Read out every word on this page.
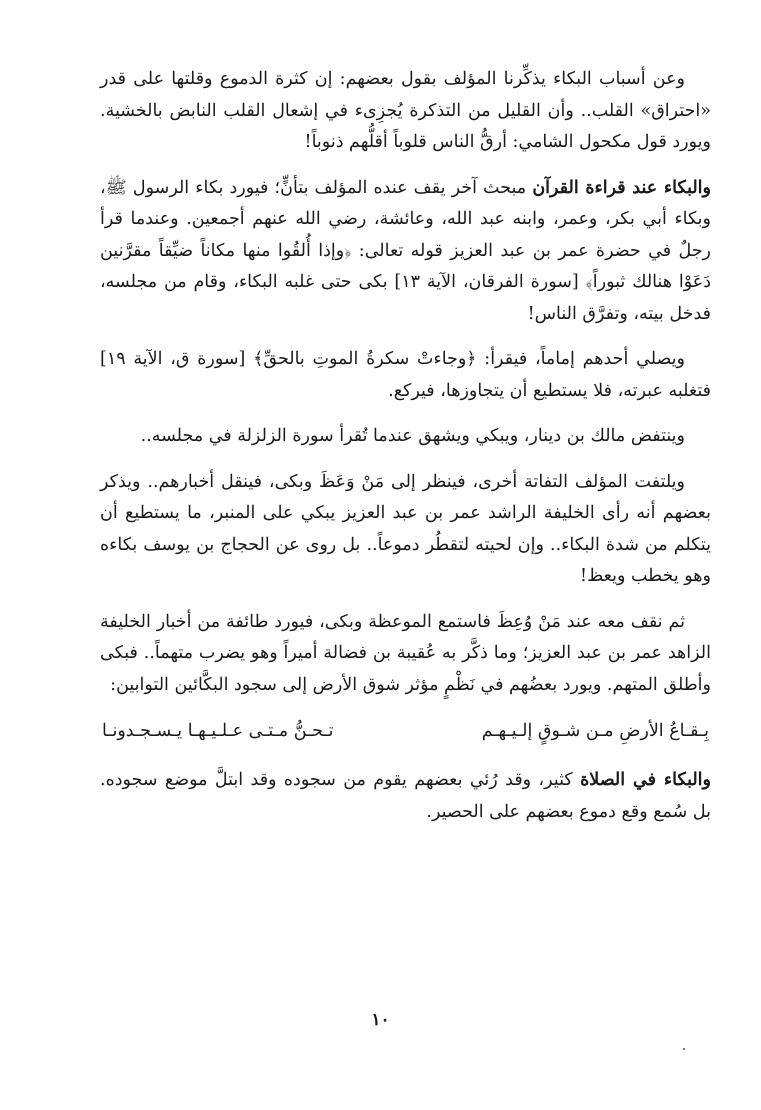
وعن أسباب البكاء يذكِّرنا المؤلف بقول بعضهم: إن كثرة الدموع وقلتها على قدر «احتراق» القلب.. وأن القليل من التذكرة يُجزِىء في إشعال القلب النابض بالخشية. ويورد قول مكحول الشامي: أرقُّ الناس قلوباً أقلُّهم ذنوباً!

والبكاء عند قراءة القرآن مبحث آخر يقف عنده المؤلف بتأنٍّ؛ فيورد بكاء الرسول ﷺ، وبكاء أبي بكر، وعمر، وابنه عبد الله، وعائشة، رضي الله عنهم أجمعين. وعندما قرأ رجلٌ في حضرة عمر بن عبد العزيز قوله تعالى: ﴿وإذا أُلقُوا منها مكاناً ضيِّقاً مقرَّنين دَعَوْا هنالك ثبوراً﴾ [سورة الفرقان، الآية ١٣] بكى حتى غلبه البكاء، وقام من مجلسه، فدخل بيته، وتفرَّق الناس!

ويصلي أحدهم إماماً، فيقرأ: ﴿وجاءتْ سكرةُ الموتِ بالحقِّ﴾ [سورة ق، الآية ١٩] فتغلبه عبرته، فلا يستطيع أن يتجاوزها، فيركع.

وينتفض مالك بن دينار، ويبكي ويشهق عندما تُقرأ سورة الزلزلة في مجلسه..

ويلتفت المؤلف التفاتة أخرى، فينظر إلى مَنْ وَعَظَ وبكى، فينقل أخبارهم.. ويذكر بعضهم أنه رأى الخليفة الراشد عمر بن عبد العزيز يبكي على المنبر، ما يستطيع أن يتكلم من شدة البكاء.. وإن لحيته لتقطُر دموعاً.. بل روى عن الحجاج بن يوسف بكاءه وهو يخطب ويعظ!

ثم نقف معه عند مَنْ وُعِظَ فاستمع الموعظة وبكى، فيورد طائفة من أخبار الخليفة الزاهد عمر بن عبد العزيز؛ وما ذكَّر به عُقيبة بن فضالة أميراً وهو يضرب متهماً.. فبكى وأطلق المتهم. ويورد بعضُهم في نَظْمٍ مؤثر شوق الأرض إلى سجود البكَّائين التوابين:

بِـقـاعُ الأرضِ مـن شـوقٍ إلـيـهـم
تـحـنُّ مـتـى عـلـيـهـا يـسـجـدونـا

والبكاء في الصلاة كثير، وقد رُئي بعضهم يقوم من سجوده وقد ابتلَّ موضع سجوده. بل سُمع وقع دموع بعضهم على الحصير.

١٠
